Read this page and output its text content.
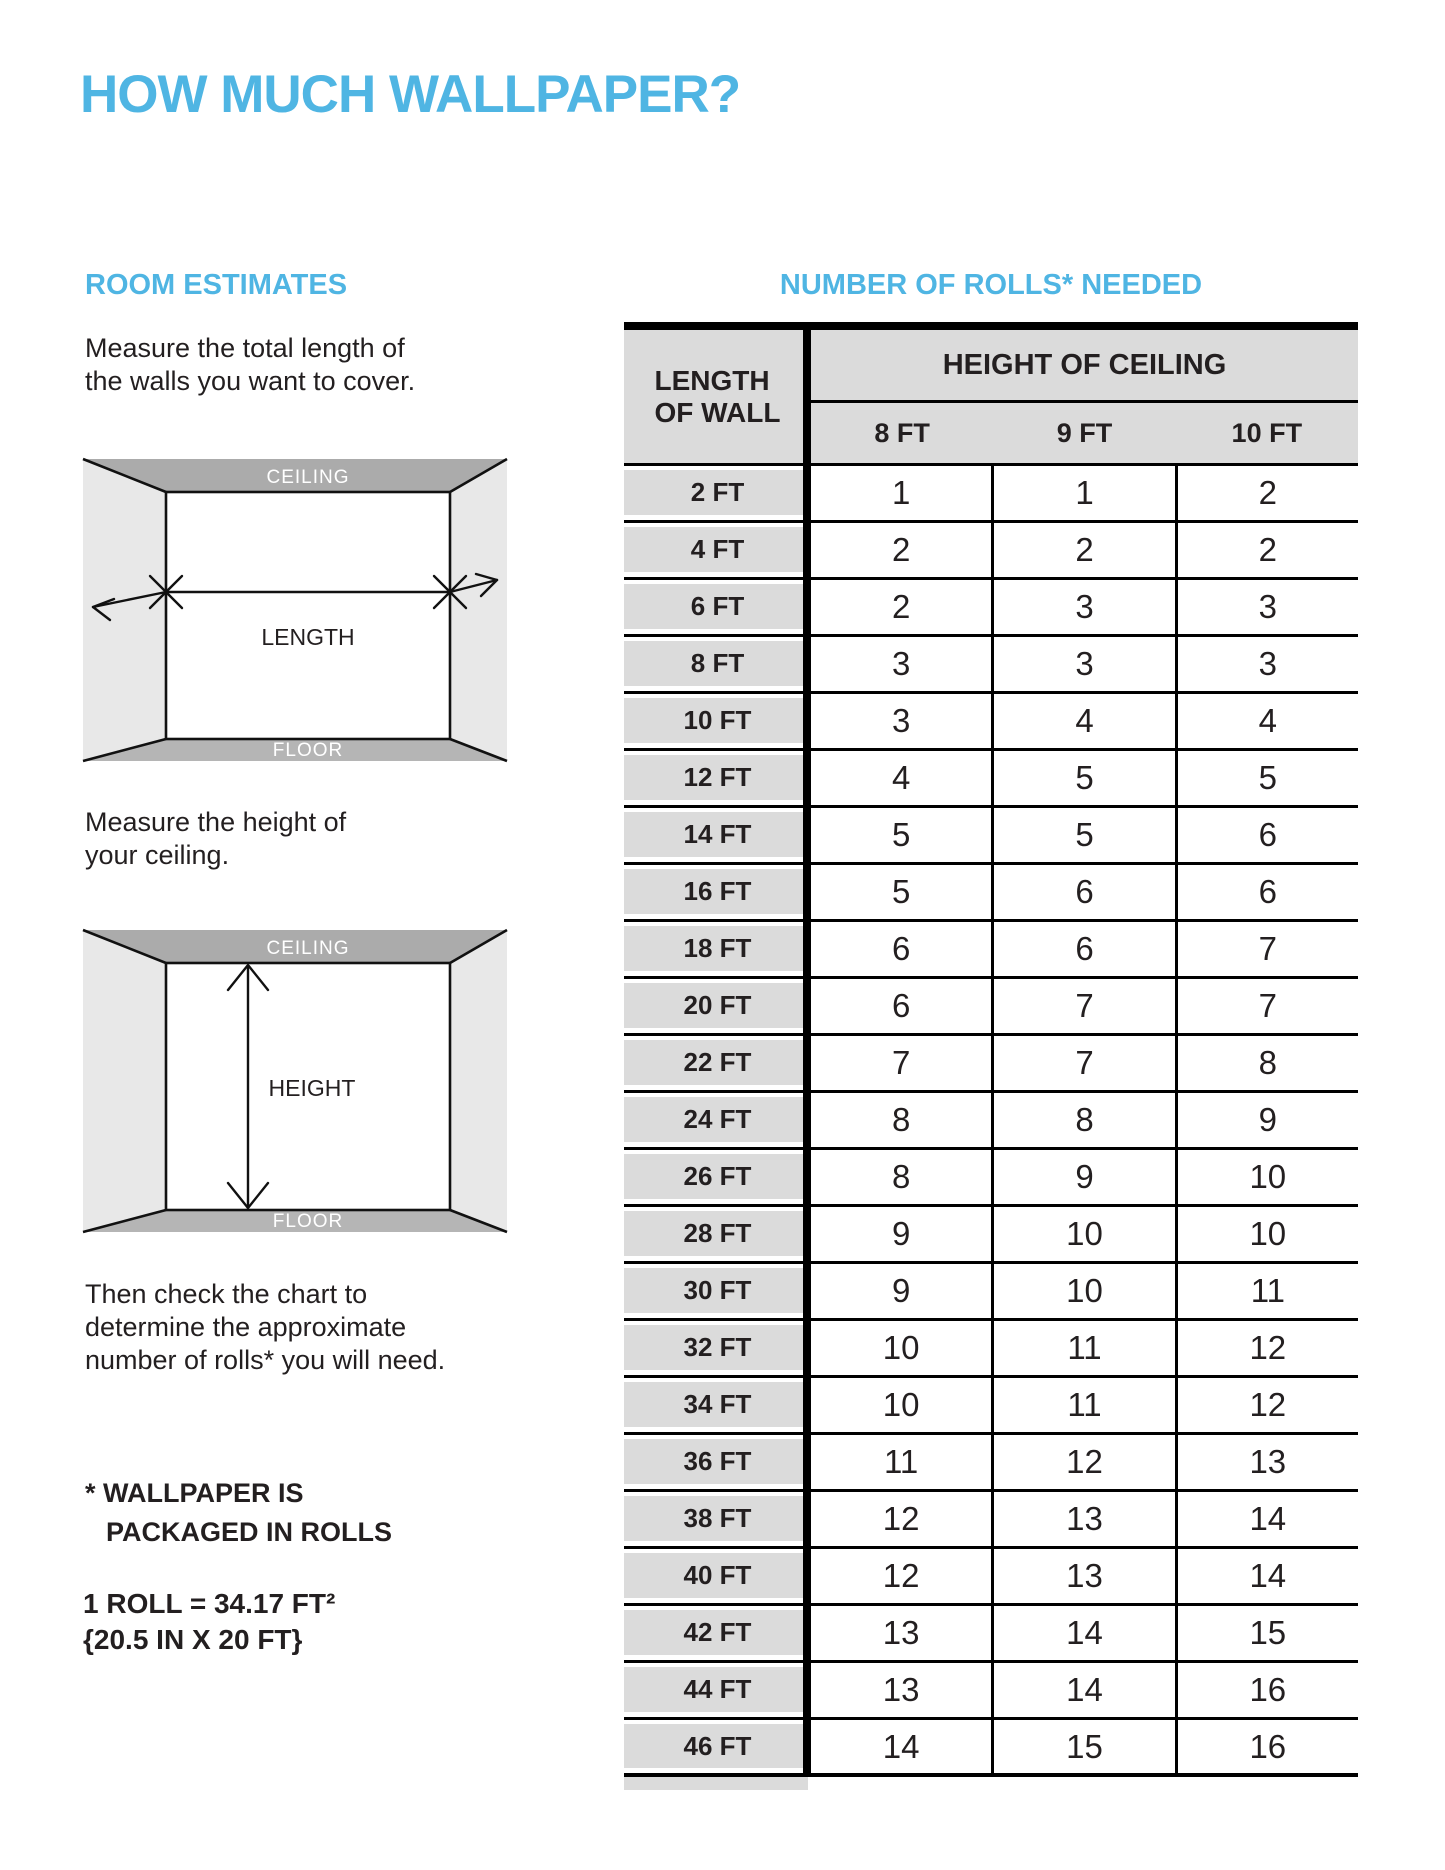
HOW MUCH WALLPAPER?
ROOM ESTIMATES	NUMBER OF ROLLS* NEEDED
Measure the total length of
the walls you want to cover.
CEILING
FLOOR
LENGTH
Measure the height of
your ceiling.
CEILING
FLOOR
HEIGHT
Then check the chart to
determine the approximate
number of rolls* you will need.
* WALLPAPER IS
PACKAGED IN ROLLS
1 ROLL = 34.17 FT²
{20.5 IN X 20 FT}
LENGTH
OF WALL
HEIGHT OF CEILING
8 FT	9 FT	10 FT
2 FT	1	1	2
4 FT	2	2	2
6 FT	2	3	3
8 FT	3	3	3
10 FT	3	4	4
12 FT	4	5	5
14 FT	5	5	6
16 FT	5	6	6
18 FT	6	6	7
20 FT	6	7	7
22 FT	7	7	8
24 FT	8	8	9
26 FT	8	9	10
28 FT	9	10	10
30 FT	9	10	11
32 FT	10	11	12
34 FT	10	11	12
36 FT	11	12	13
38 FT	12	13	14
40 FT	12	13	14
42 FT	13	14	15
44 FT	13	14	16
46 FT	14	15	16
